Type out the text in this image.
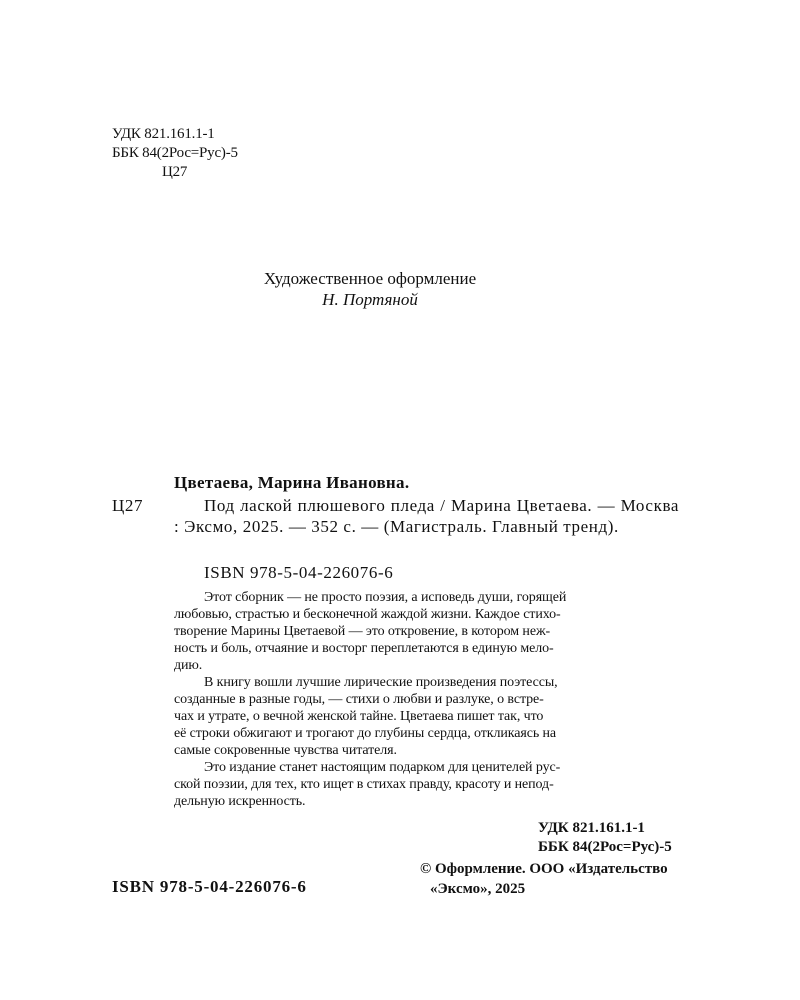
УДК 821.161.1-1
ББК 84(2Рос=Рус)-5
Ц27
Художественное оформление
Н. Портяной
Цветаева, Марина Ивановна.
Ц27	Под лаской плюшевого пледа / Марина Цветаева. — Москва : Эксмо, 2025. — 352 с. — (Магистраль. Главный тренд).
ISBN 978-5-04-226076-6
Этот сборник — не просто поэзия, а исповедь души, горящей
любовью, страстью и бесконечной жаждой жизни. Каждое стихо-
творение Марины Цветаевой — это откровение, в котором неж-
ность и боль, отчаяние и восторг переплетаются в единую мело-
дию.
В книгу вошли лучшие лирические произведения поэтессы,
созданные в разные годы, — стихи о любви и разлуке, о встре-
чах и утрате, о вечной женской тайне. Цветаева пишет так, что
её строки обжигают и трогают до глубины сердца, откликаясь на
самые сокровенные чувства читателя.
Это издание станет настоящим подарком для ценителей рус-
ской поэзии, для тех, кто ищет в стихах правду, красоту и непод-
дельную искренность.
УДК 821.161.1-1
ББК 84(2Рос=Рус)-5
ISBN 978-5-04-226076-6
© Оформление. ООО «Издательство
«Эксмо», 2025
